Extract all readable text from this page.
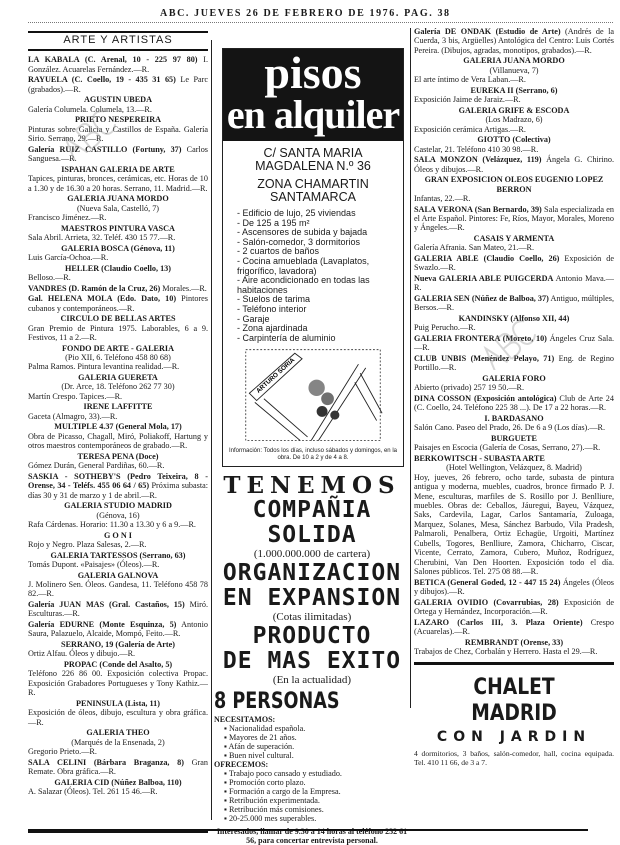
ABC. JUEVES 26 DE FEBRERO DE 1976. PAG. 38
ARTE Y ARTISTAS
LA KABALA (C. Arenal, 10 - 225 97 80) I. González. Acuarelas Fernández.—R.
RAYUELA (C. Coello, 19 - 435 31 65) Le Parc (grabados).—R.
AGUSTIN UBEDA
Galería Columela. Columela, 13.—R.
PRIETO NESPEREIRA
Pinturas sobre Galicia y Castillos de España. Galería Sirio. Serrano, 29.—R.
Galería RUIZ CASTILLO (Fortuny, 37) Carlos Sanguesa.—R.
ISPAHAN GALERIA DE ARTE
Tapices, pinturas, bronces, cerámicas, etc. Horas de 10 a 1.30 y de 16.30 a 20 horas. Serrano, 11. Madrid.—R.
GALERIA JUANA MORDO
(Nueva Sala, Castelló, 7)
Francisco Jiménez.—R.
MAESTROS PINTURA VASCA
Sala Abril. Arrieta, 32. Teléf. 430 15 77.—R.
GALERIA BOSCA (Génova, 11)
Luis García-Ochoa.—R.
HELLER (Claudio Coello, 13)
Belloso.—R.
VANDRES (D. Ramón de la Cruz, 26) Morales.—R.
Gal. HELENA MOLA (Edo. Dato, 10) Pintores cubanos y contemporáneos.—R.
CIRCULO DE BELLAS ARTES
Gran Premio de Pintura 1975. Laborables, 6 a 9. Festivos, 11 a 2.—R.
FONDO DE ARTE - GALERIA
(Pio XII, 6. Teléfono 458 80 68)
Palma Ramos. Pintura levantina realidad.—R.
GALERIA GUERETA
(Dr. Arce, 18. Teléfono 262 77 30)
Martín Crespo. Tapices.—R.
IRENE LAFFITTE
Gaceta (Almagro, 33).—R.
MULTIPLE 4.37 (General Mola, 17)
Obra de Picasso, Chagall, Miró, Poliakoff, Hartung y otros maestros contemporáneos de grabado.—R.
TERESA PENA (Doce)
Gómez Durán, General Pardiñas, 60.—R.
SASKIA - SOTHEBY'S (Pedro Teixeira, 8 - Orense, 34 - Teléfs. 455 06 64 / 65) Próxima subasta: días 30 y 31 de marzo y 1 de abril.—R.
GALERIA STUDIO MADRID
(Génova, 16)
Rafa Cárdenas. Horario: 11.30 a 13.30 y 6 a 9.—R.
G O N I
Rojo y Negro. Plaza Salesas, 2.—R.
GALERIA TARTESSOS (Serrano, 63)
Tomás Dupont. «Paisajes» (Óleos).—R.
GALERIA GALNOVA
J. Molinero Sen. Óleos. Gandesa, 11. Teléfono 458 78 82.—R.
Galería JUAN MAS (Gral. Castaños, 15) Miró. Esculturas.—R.
Galería EDURNE (Monte Esquinza, 5) Antonio Saura, Palazuelo, Alcaide, Mompó, Feito.—R.
SERRANO, 19 (Galería de Arte)
Ortiz Alfau. Óleos y dibujo.—R.
PROPAC (Conde del Asalto, 5)
Teléfono 226 86 00. Exposición colectiva Propac. Exposición Grabadores Portugueses y Tony Kathiz.—R.
PENINSULA (Lista, 11)
Exposición de óleos, dibujo, escultura y obra gráfica.—R.
GALERIA THEO
(Marqués de la Ensenada, 2)
Gregorio Prieto.—R.
SALA CELINI (Bárbara Braganza, 8) Gran Remate. Obra gráfica.—R.
GALERIA CID (Núñez Balboa, 110)
A. Salazar (Óleos). Tel. 261 15 46.—R.
pisos
en alquiler
C/ SANTA MARIA MAGDALENA N.º 36
ZONA CHAMARTIN SANTAMARCA
- Edificio de lujo, 25 viviendas
- De 125 a 195 m²
- Ascensores de subida y bajada
- Salón-comedor, 3 dormitorios
- 2 cuartos de baños
- Cocina amueblada (Lavaplatos, frigorífico, lavadora)
- Aire acondicionado en todas las habitaciones
- Suelos de tarima
- Teléfono interior
- Garaje
- Zona ajardinada
- Carpintería de aluminio
ARTURO SORIA
Información: Todos los días, incluso sábados y domingos, en la obra. De 10 a 2 y de 4 a 8.
TENEMOS
COMPAÑIA SOLIDA
(1.000.000.000 de cartera)
ORGANIZACION
EN EXPANSION
(Cotas ilimitadas)
PRODUCTO
DE MAS EXITO
(En la actualidad)
8 PERSONAS
NECESITAMOS:
▪ Nacionalidad española.
▪ Mayores de 21 años.
▪ Afán de superación.
▪ Buen nivel cultural.
OFRECEMOS:
▪ Trabajo poco cansado y estudiado.
▪ Promoción corto plazo.
▪ Formación a cargo de la Empresa.
▪ Retribución experimentada.
▪ Retribución más comisiones.
▪ 20-25.000 mes superables.
Interesados, llamar de 9.30 a 14 horas al teléfono 232 61 56, para concertar entrevista personal.
Galería DE ONDAK (Estudio de Arte) (Andrés de la Cuerda, 3 bis, Argüelles) Antológica del Centro: Luis Cortés Pereira. (Dibujos, agradas, monotipos, grabados).—R.
GALERIA JUANA MORDO
(Villanueva, 7)
El arte íntimo de Vera Laban.—R.
EUREKA II (Serrano, 6)
Exposición Jaime de Jaraiz.—R.
GALERIA GRIFE & ESCODA
(Los Madrazo, 6)
Exposición cerámica Artigas.—R.
GIOTTO (Colectiva)
Castelar, 21. Teléfono 410 30 98.—R.
SALA MONZON (Velázquez, 119) Ángela G. Chirino. Óleos y dibujos.—R.
GRAN EXPOSICION OLEOS EUGENIO LOPEZ BERRON
Infantas, 22.—R.
SALA VERONA (San Bernardo, 39) Sala especializada en el Arte Español. Pintores: Fe, Ríos, Mayor, Morales, Moreno y Ángeles.—R.
CASAIS Y ARMENTA
Galería Afrania. San Mateo, 21.—R.
GALERIA ABLE (Claudio Coello, 26) Exposición de Swazlo.—R.
Nueva GALERIA ABLE PUIGCERDA Antonio Mava.—R.
GALERIA SEN (Núñez de Balboa, 37) Antiguo, múltiples, Bersos.—R.
KANDINSKY (Alfonso XII, 44)
Puig Perucho.—R.
GALERIA FRONTERA (Moreto, 10) Ángeles Cruz Sala.—R.
CLUB UNBIS (Menéndez Pelayo, 71) Eng. de Regino Portillo.—R.
GALERIA FORO
Abierto (privado) 257 19 50.—R.
DINA COSSON (Exposición antológica) Club de Arte 24 (C. Coello, 24. Teléfono 225 38 ...). De 17 a 22 horas.—R.
I. BARDASANO
Salón Cano. Paseo del Prado, 26. De 6 a 9 (Los días).—R.
BURGUETE
Paisajes en Escocia (Galería de Cosas, Serrano, 27).—R.
BERKOWITSCH - SUBASTA ARTE
(Hotel Wellington, Velázquez, 8. Madrid)
Hoy, jueves, 26 febrero, ocho tarde, subasta de pintura antigua y moderna, muebles, cuadros, bronce firmado P. J. Mene, esculturas, marfiles de S. Rosillo por J. Benlliure, muebles. Obras de: Ceballos, Jáuregui, Bayeu, Vázquez, Saks, Cardevila, Lagar, Carlos Santamaría, Zuloaga, Marquez, Solanes, Mesa, Sánchez Barbudo, Vila Pradesh, Palmaroli, Penalbera, Ortiz Echagüe, Urgoiti, Martínez Cubells, Togores, Benlliure, Zamora, Chicharro, Ciscar, Vicente, Cerrato, Zamora, Cubero, Muñoz, Rodríguez, Cherubini, Van Den Hoorten. Exposición todo el día. Salones públicos. Tel. 275 08 88.—R.
BETICA (General Goded, 12 - 447 15 24) Ángeles (Óleos y dibujos).—R.
GALERIA OVIDIO (Covarrubias, 28) Exposición de Ortega y Hernández, Incorporación.—R.
LAZARO (Carlos III, 3. Plaza Oriente) Crespo (Acuarelas).—R.
REMBRANDT (Orense, 33)
Trabajos de Chez, Corbalán y Herrero. Hasta el 29.—R.
CHALET MADRID
CON JARDIN
4 dormitorios, 3 baños, salón-comedor, hall, cocina equipada. Tel. 410 11 66, de 3 a 7.
